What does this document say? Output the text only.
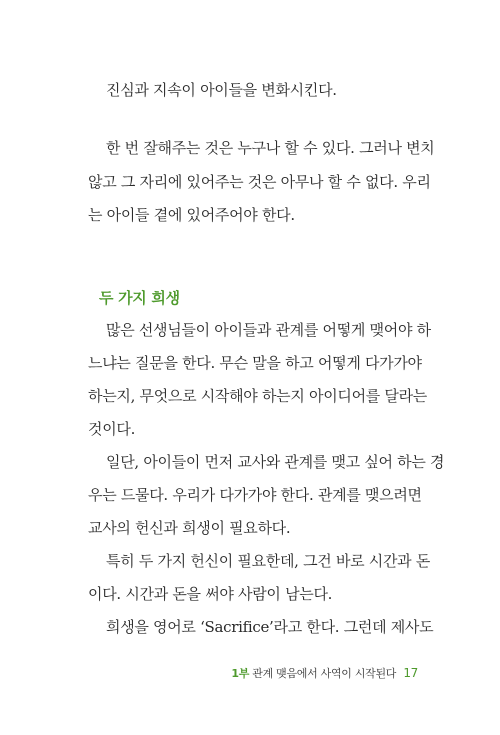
진심과 지속이 아이들을 변화시킨다.
한 번 잘해주는 것은 누구나 할 수 있다. 그러나 변치
않고 그 자리에 있어주는 것은 아무나 할 수 없다. 우리
는 아이들 곁에 있어주어야 한다.
두 가지 희생
많은 선생님들이 아이들과 관계를 어떻게 맺어야 하
느냐는 질문을 한다. 무슨 말을 하고 어떻게 다가가야
하는지, 무엇으로 시작해야 하는지 아이디어를 달라는
것이다.
일단, 아이들이 먼저 교사와 관계를 맺고 싶어 하는 경
우는 드물다. 우리가 다가가야 한다. 관계를 맺으려면
교사의 헌신과 희생이 필요하다.
특히 두 가지 헌신이 필요한데, 그건 바로 시간과 돈
이다. 시간과 돈을 써야 사람이 남는다.
희생을 영어로 ‘Sacrifice’라고 한다. 그런데 제사도
1부 관계 맺음에서 사역이 시작된다 17
